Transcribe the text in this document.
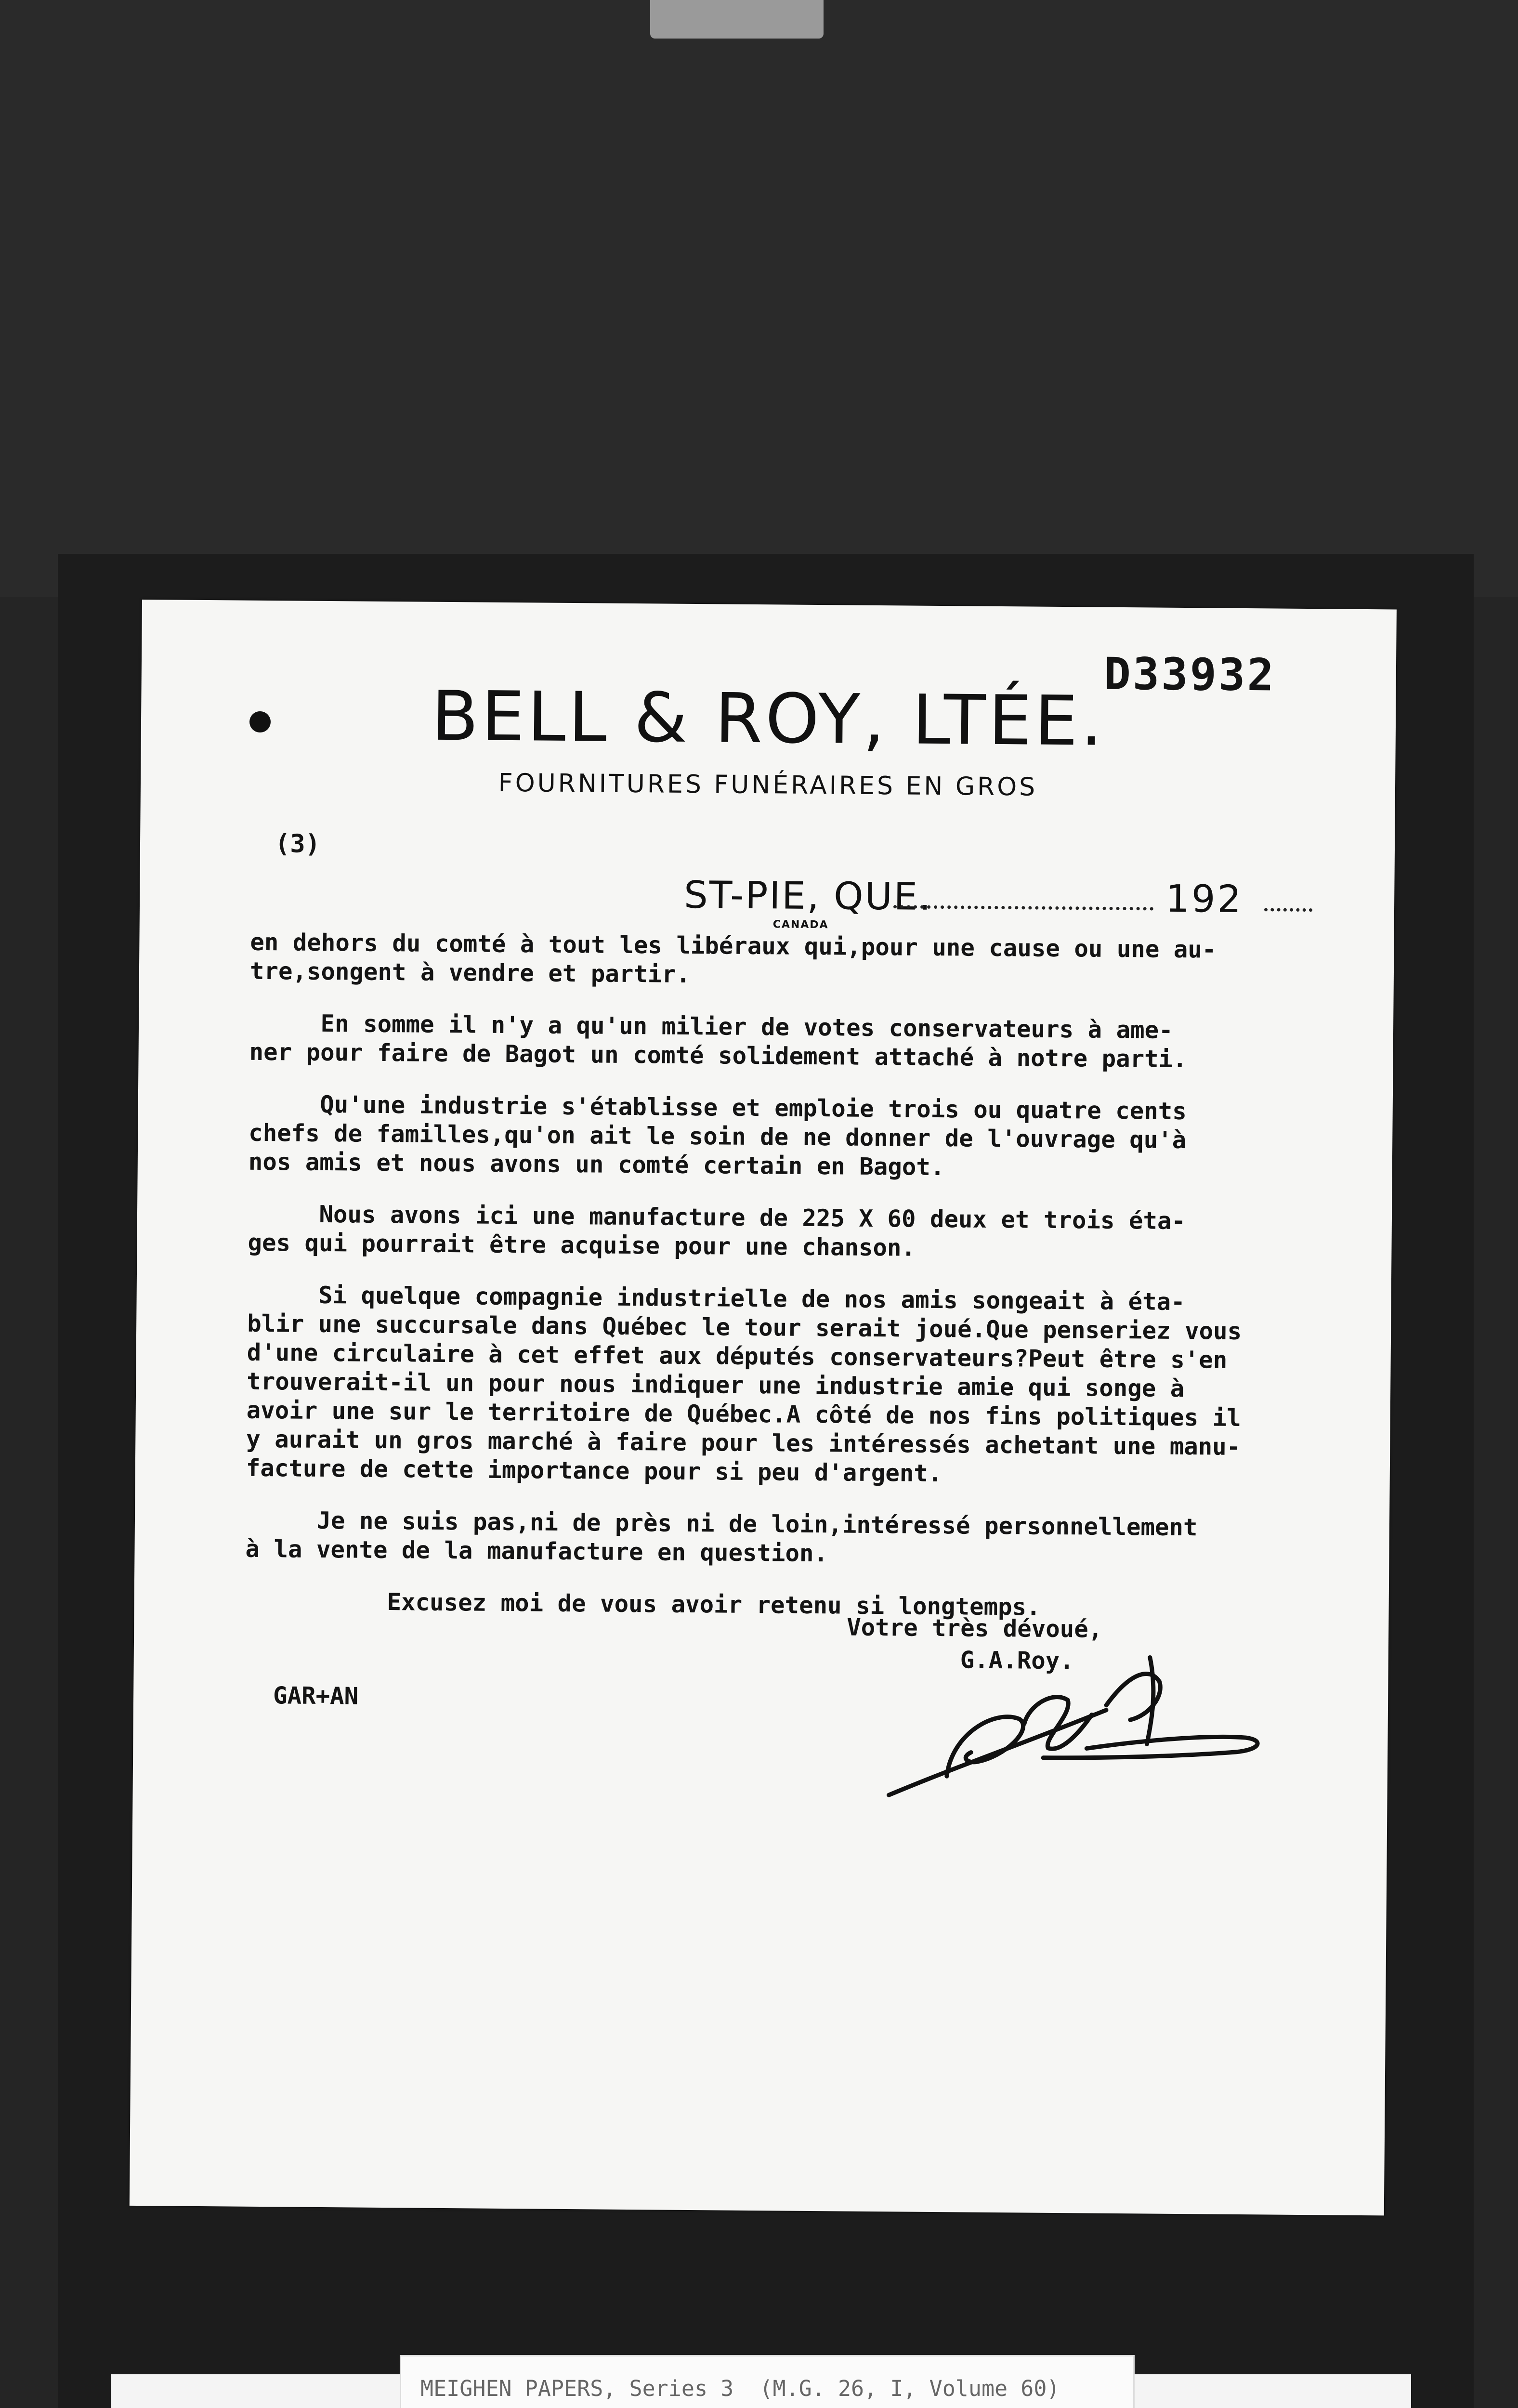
D33932
BELL & ROY, LTÉE.
FOURNITURES FUNÉRAIRES EN GROS
(3)
ST-PIE, QUE.
CANADA
192

en dehors du comté à tout les libéraux qui,pour une cause ou une au-
tre,songent à vendre et partir.

En somme il n'y a qu'un milier de votes conservateurs à ame-
ner pour faire de Bagot un comté solidement attaché à notre parti.

Qu'une industrie s'établisse et emploie trois ou quatre cents
chefs de familles,qu'on ait le soin de ne donner de l'ouvrage qu'à
nos amis et nous avons un comté certain en Bagot.

Nous avons ici une manufacture de 225 X 60 deux et trois éta-
ges qui pourrait être acquise pour une chanson.

Si quelque compagnie industrielle de nos amis songeait à éta-
blir une succursale dans Québec le tour serait joué.Que penseriez vous
d'une circulaire à cet effet aux députés conservateurs?Peut être s'en
trouverait-il un pour nous indiquer une industrie amie qui songe à
avoir une sur le territoire de Québec.A côté de nos fins politiques il
y aurait un gros marché à faire pour les intéressés achetant une manu-
facture de cette importance pour si peu d'argent.

Je ne suis pas,ni de près ni de loin,intéressé personnellement
à la vente de la manufacture en question.

Excusez moi de vous avoir retenu si longtemps.

Votre très dévoué,
G.A.Roy.
GAR+AN
MEIGHEN PAPERS, Series 3  (M.G. 26, I, Volume 60)
